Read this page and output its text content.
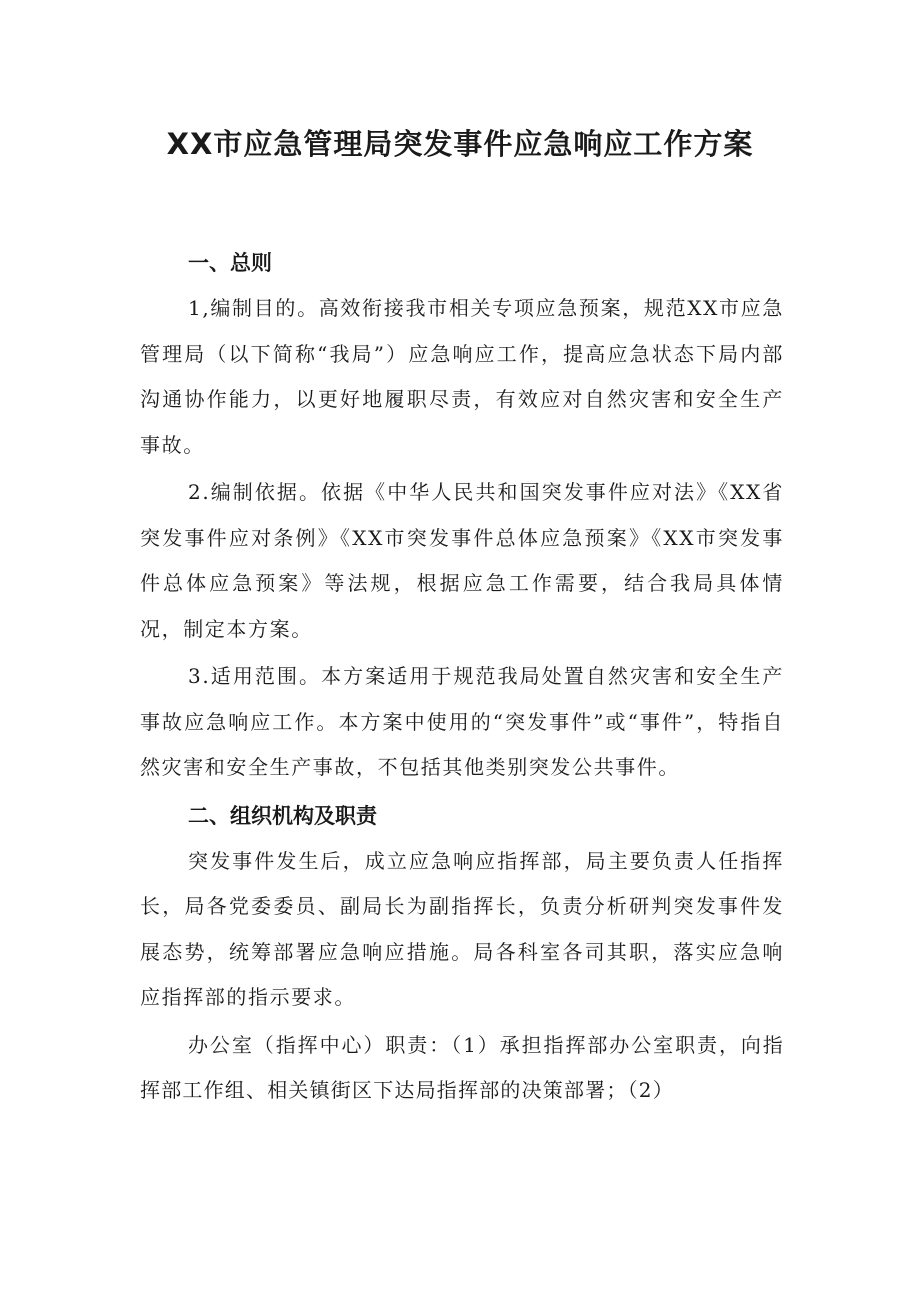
XX市应急管理局突发事件应急响应工作方案
一、总则

1,编制目的。高效衔接我市相关专项应急预案，规范XX市应急管理局（以下简称“我局”）应急响应工作，提高应急状态下局内部沟通协作能力，以更好地履职尽责，有效应对自然灾害和安全生产事故。

2.编制依据。依据《中华人民共和国突发事件应对法》《XX省突发事件应对条例》《XX市突发事件总体应急预案》《XX市突发事件总体应急预案》等法规，根据应急工作需要，结合我局具体情况，制定本方案。

3.适用范围。本方案适用于规范我局处置自然灾害和安全生产事故应急响应工作。本方案中使用的“突发事件”或“事件”，特指自然灾害和安全生产事故，不包括其他类别突发公共事件。

二、组织机构及职责

突发事件发生后，成立应急响应指挥部，局主要负责人任指挥长，局各党委委员、副局长为副指挥长，负责分析研判突发事件发展态势，统筹部署应急响应措施。局各科室各司其职，落实应急响应指挥部的指示要求。

办公室（指挥中心）职责：（1）承担指挥部办公室职责，向指挥部工作组、相关镇街区下达局指挥部的决策部署；（2）
